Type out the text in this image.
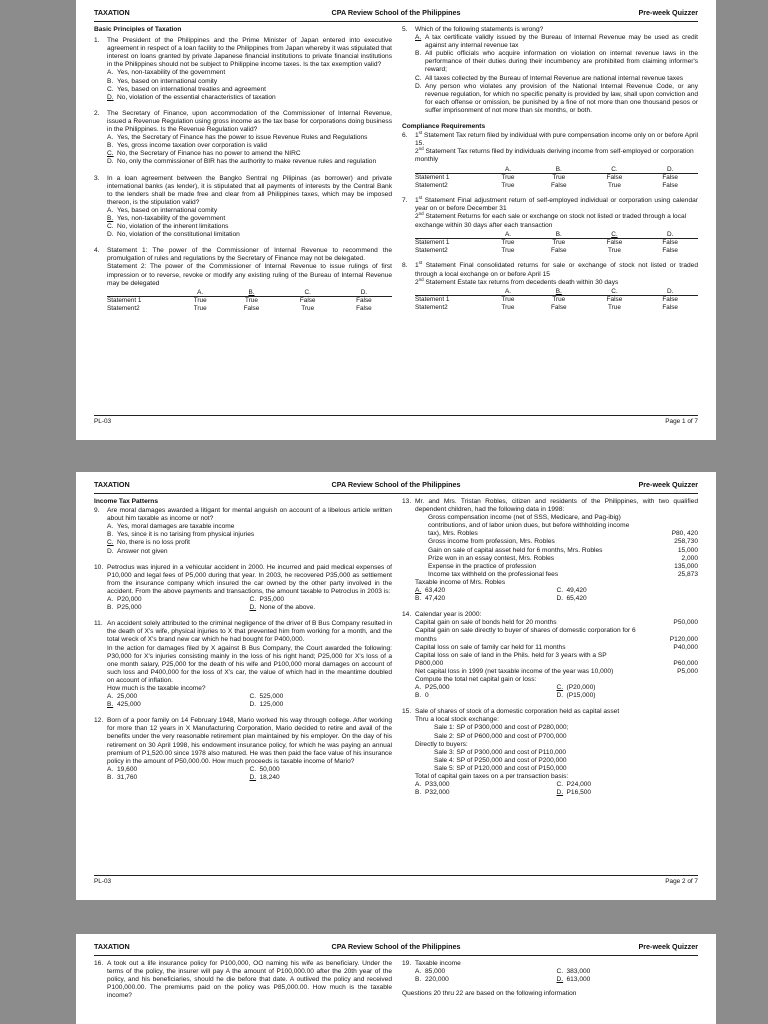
TAXATION	CPA Review School of the Philippines	Pre-week Quizzer
Basic Principles of Taxation
1.	The President of the Philippines and the Prime Minister of Japan entered into executive agreement in respect of a loan facility to the Philippines from Japan whereby it was stipulated that interest on loans granted by private Japanese financial institutions to private financial institutions in the Philippines should not be subject to Philippine income taxes. Is the tax exemption valid?
A. Yes, non-taxability of the government
B. Yes, based on international comity
C. Yes, based on international treaties and agreement
D. No, violation of the essential characteristics of taxation
2.	The Secretary of Finance, upon accommodation of the Commissioner of Internal Revenue, issued a Revenue Regulation using gross income as the tax base for corporations doing business in the Philippines. Is the Revenue Regulation valid?
A. Yes, the Secretary of Finance has the power to issue Revenue Rules and Regulations
B. Yes, gross income taxation over corporation is valid
C. No, the Secretary of Finance has no power to amend the NIRC
D. No, only the commissioner of BIR has the authority to make revenue rules and regulation
3.	In a loan agreement between the Bangko Sentral ng Pilipinas (as borrower) and private international banks (as lender), it is stipulated that all payments of interests by the Central Bank to the lenders shall be made free and clear from all Philippines taxes, which may be imposed thereon, is the stipulation valid?
A. Yes, based on international comity
B. Yes, non-taxability of the government
C. No, violation of the inherent limitations
D. No, violation of the constitutional limitation
4.	Statement 1: The power of the Commissioner of Internal Revenue to recommend the promulgation of rules and regulations by the Secretary of Finance may not be delegated.
Statement 2: The power of the Commissioner of Internal Revenue to issue rulings of first impression or to reverse, revoke or modify any existing ruling of the Bureau of Internal Revenue may be delegated
	A.	B.	C.	D.
Statement 1	True	True	False	False
Statement2	True	False	True	False
5.	Which of the following statements is wrong?
A. A tax certificate validly issued by the Bureau of Internal Revenue may be used as credit against any internal revenue tax
B. All public officials who acquire information on violation on internal revenue laws in the performance of their duties during their incumbency are prohibited from claiming informer's reward;
C. All taxes collected by the Bureau of Internal Revenue are national internal revenue taxes
D. Any person who violates any provision of the National Internal Revenue Code, or any revenue regulation, for which no specific penalty is provided by law, shall upon conviction and for each offense or omission, be punished by a fine of not more than one thousand pesos or suffer imprisonment of not more than six months, or both.
Compliance Requirements
6.	1st Statement Tax return filed by individual with pure compensation income only on or before April 15.
2nd Statement Tax returns filed by individuals deriving income from self-employed or corporation monthly
	A.	B.	C.	D.
Statement 1	True	True	False	False
Statement2	True	False	True	False
7.	1st Statement Final adjustment return of self-employed individual or corporation using calendar year on or before December 31
2nd Statement Returns for each sale or exchange on stock not listed or traded through a local exchange within 30 days after each transaction
	A.	B.	C.	D.
Statement 1	True	True	False	False
Statement2	True	False	True	False
8.	1st Statement Final consolidated returns for sale or exchange of stock not listed or traded through a local exchange on or before April 15
2nd Statement Estate tax returns from decedents death within 30 days
	A.	B.	C.	D.
Statement 1	True	True	False	False
Statement2	True	False	True	False
PL-03	Page 1 of 7
TAXATION	CPA Review School of the Philippines	Pre-week Quizzer
Income Tax Patterns
9.	Are moral damages awarded a litigant for mental anguish on account of a libelous article written about him taxable as income or not?
A. Yes, moral damages are taxable income
B. Yes, since it is no tarising from physical injuries
C. No, there is no loss profit
D. Answer not given
10. Petroclus was injured in a vehicular accident in 2000. He incurred and paid medical expenses of P10,000 and legal fees of P5,000 during that year. In 2003, he recovered P35,000 as settlement from the insurance company which insured the car owned by the other party involved in the accident. From the above payments and transactions, the amount taxable to Petroclus in 2003 is:
A. P20,000	C. P35,000
B. P25,000	D. None of the above.
11. An accident solely attributed to the criminal negligence of the driver of B Bus Company resulted in the death of X's wife, physical injuries to X that prevented him from working for a month, and the total wreck of X's brand new car which he had bought for P400,000.
In the action for damages filed by X against B Bus Company, the Court awarded the following: P30,000 for X's injuries consisting mainly in the loss of his right hand; P25,000 for X's loss of a one month salary, P25,000 for the death of his wife and P100,000 moral damages on account of such loss and P400,000 for the loss of X's car, the value of which had in the meantime doubled on account of inflation.
How much is the taxable income?
A. 25,000	C. 525,000
B. 425,000	D. 125,000
12. Born of a poor family on 14 February 1948, Mario worked his way through college. After working for more than 12 years in X Manufacturing Corporation, Mario decided to retire and avail of the benefits under the very reasonable retirement plan maintained by his employer. On the day of his retirement on 30 April 1998, his endowment insurance policy, for which he was paying an annual premium of P1,520.00 since 1978 also matured. He was then paid the face value of his insurance policy in the amount of P50,000.00. How much proceeds is taxable income of Mario?
A. 19,600	C. 50,000
B. 31,760	D. 18,240
13. Mr. and Mrs. Tristan Robles, citizen and residents of the Philippines, with two qualified dependent children, had the following data in 1998:
Gross compensation income (net of SSS, Medicare, and Pag-ibig) contributions, and of labor union dues, but before withholding income tax), Mrs. Robles	P80, 420
Gross income from profession, Mrs. Robles	258,730
Gain on sale of capital asset held for 6 months, Mrs. Robles	15,000
Prize won in an essay contest, Mrs. Robles	2,000
Expense in the practice of profession	135,000
Income tax withheld on the professional fees	25,873
Taxable income of Mrs. Robles
A. 63,420	C. 49,420
B. 47,420	D. 65,420
14. Calendar year is 2000:
Capital gain on sale of bonds held for 20 months	P50,000
Capital gain on sale directly to buyer of shares of domestic corporation for 6 months	P120,000
Capital loss on sale of family car held for 11 months	P40,000
Capital loss on sale of land in the Phils. held for 3 years with a SP P800,000	P60,000
Net capital loss in 1999 (net taxable income of the year was 10,000)	P5,000
Compute the total net capital gain or loss:
A. P25,000	C. (P20,000)
B. 0	D. (P15,000)
15. Sale of shares of stock of a domestic corporation held as capital asset
Thru a local stock exchange:
Sale 1: SP of P300,000 and cost of P280,000;
Sale 2: SP of P600,000 and cost of P700,000
Directly to buyers:
Sale 3: SP of P300,000 and cost of P110,000
Sale 4: SP of P250,000 and cost of P200,000
Sale 5: SP of P120,000 and cost of P150,000
Total of capital gain taxes on a per transaction basis:
A. P33,000	C. P24,000
B. P32,000	D. P16,500
PL-03	Page 2 of 7
TAXATION	CPA Review School of the Philippines	Pre-week Quizzer
16. A took out a life insurance policy for P100,000, OO naming his wife as beneficiary. Under the terms of the policy, the insurer will pay A the amount of P100,000.00 after the 20th year of the policy, and his beneficiaries, should he die before that date. A outlived the policy and received P100,000.00. The premiums paid on the policy was P85,000.00. How much is the taxable income?
19. Taxable income
A. 85,000	C. 383,000
B. 220,000	D. 613,000
Questions 20 thru 22 are based on the following information
